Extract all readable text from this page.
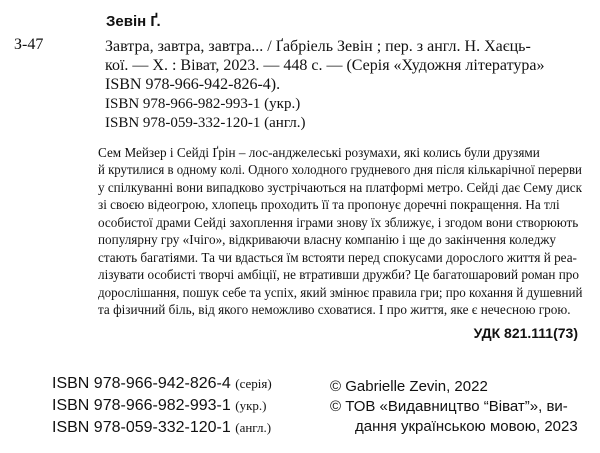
Зевін Ґ.
З-47	Завтра, завтра, завтра... / Ґабріель Зевін ; пер. з англ. Н. Хаєць-
кої. — Х. : Віват, 2023. — 448 с. — (Серія «Художня література»
ISBN 978-966-942-826-4).
ISBN 978-966-982-993-1 (укр.)
ISBN 978-059-332-120-1 (англ.)
Сем Мейзер і Сейді Ґрін – лос-анджелеські розумахи, які колись були друзями
й крутилися в одному колі. Одного холодного грудневого дня після кількарічної перерви
у спілкуванні вони випадково зустрічаються на платформі метро. Сейді дає Сему диск
зі своєю відеогрою, хлопець проходить її та пропонує доречні покращення. На тлі
особистої драми Сейді захоплення іграми знову їх зближує, і згодом вони створюють
популярну гру «Ічіго», відкриваючи власну компанію і ще до закінчення коледжу
стають багатіями. Та чи вдасться їм встояти перед спокусами дорослого життя й реа-
лізувати особисті творчі амбіції, не втративши дружби? Це багатошаровий роман про
дорослішання, пошук себе та успіх, який змінює правила гри; про кохання й душевний
та фізичний біль, від якого неможливо сховатися. І про життя, яке є нечесною грою.
УДК 821.111(73)
ISBN 978-966-942-826-4 (серія)
ISBN 978-966-982-993-1 (укр.)
ISBN 978-059-332-120-1 (англ.)
© Gabrielle Zevin, 2022
© ТОВ «Видавництво “Віват”», ви-
дання українською мовою, 2023
